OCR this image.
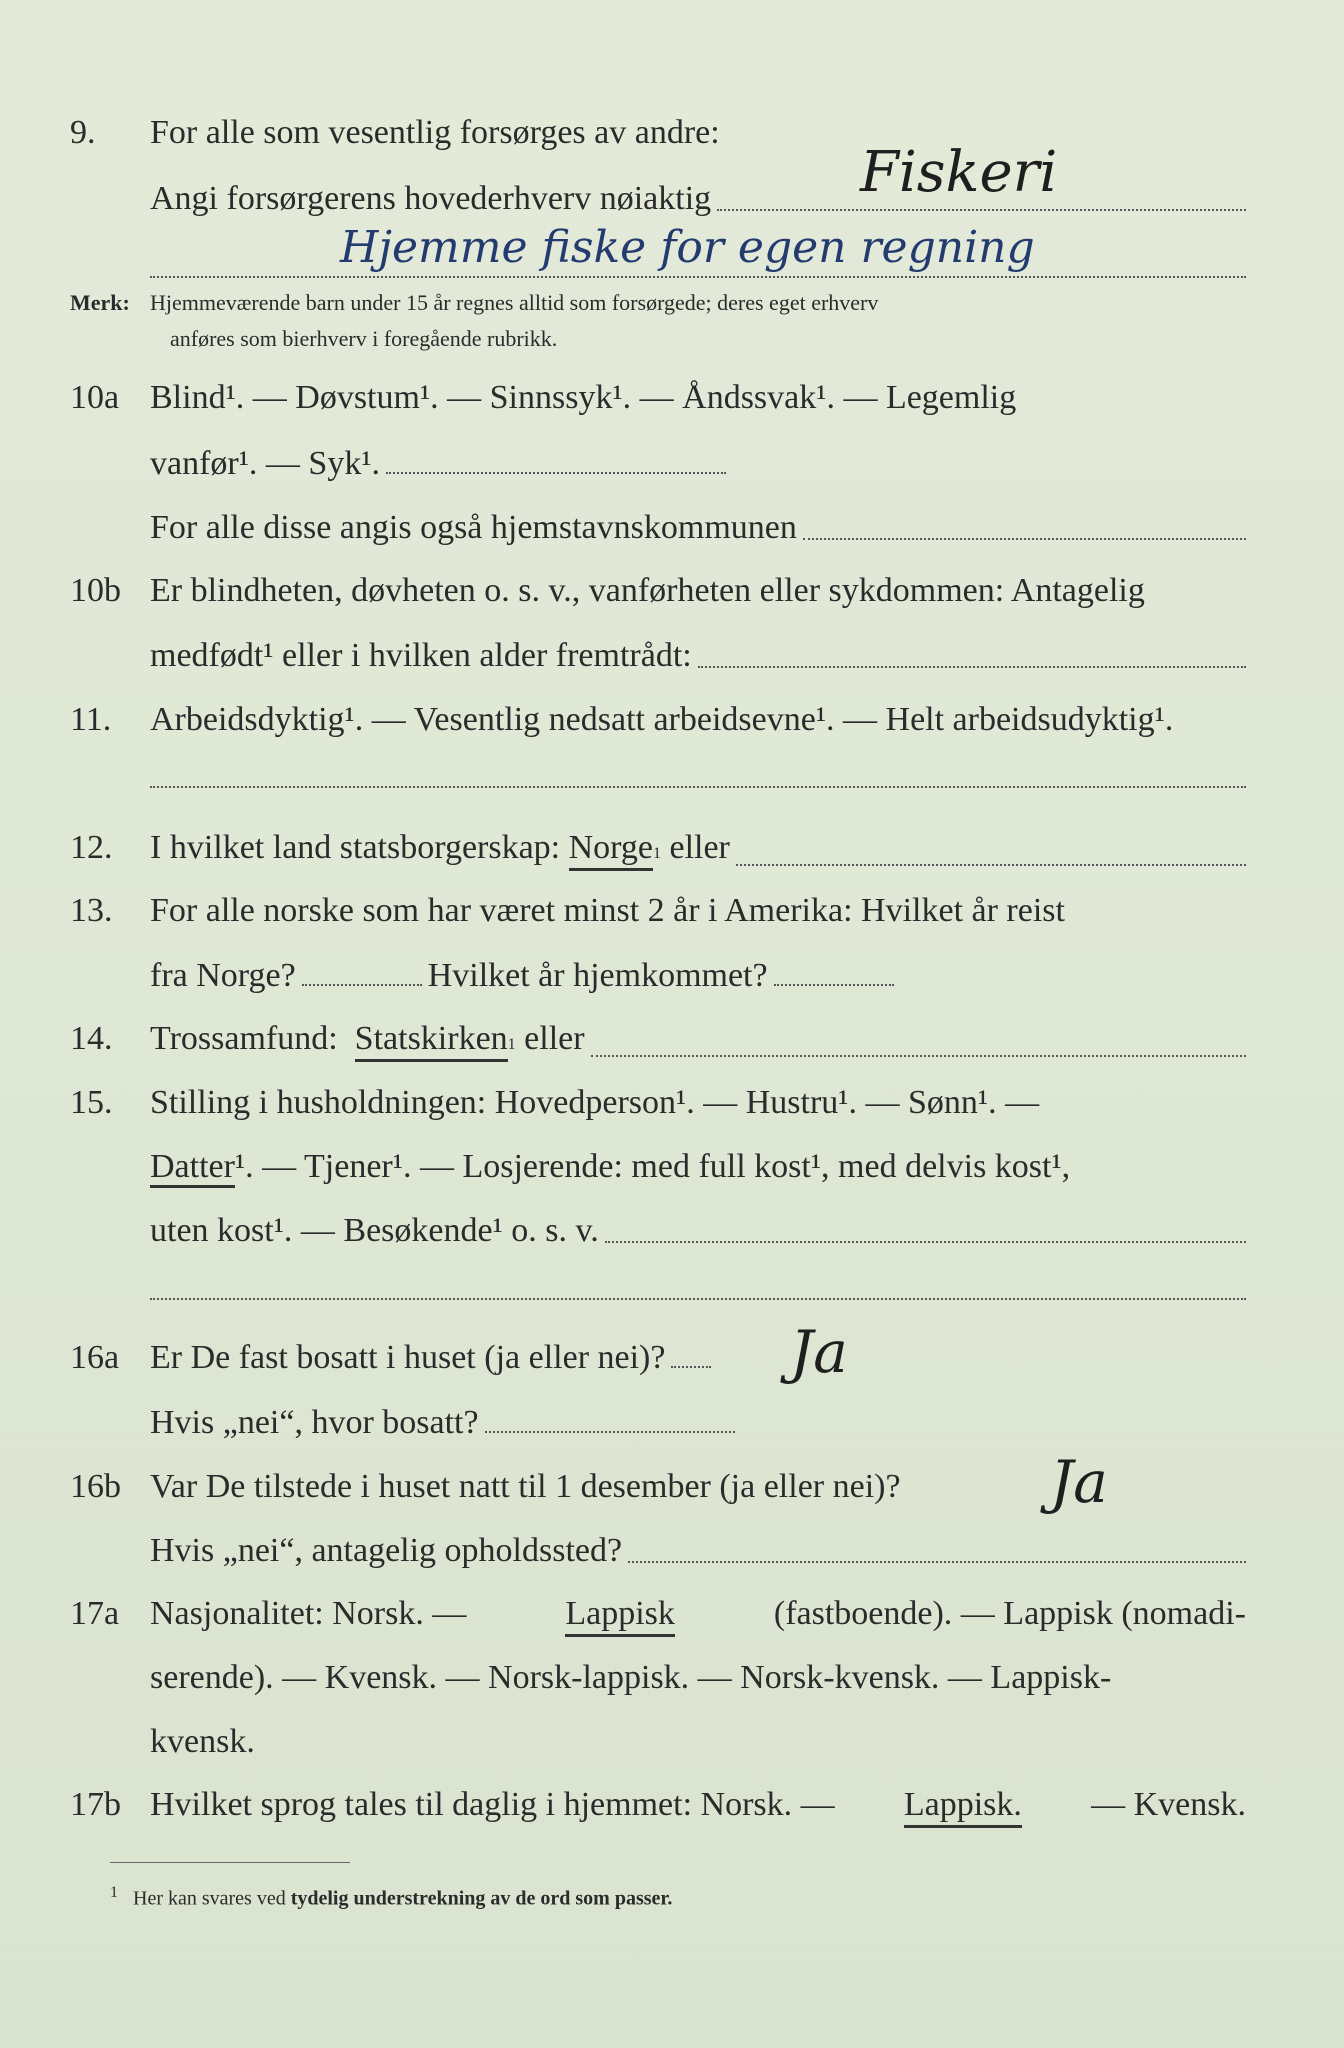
9.	For alle som vesentlig forsørges av andre:
Angi forsørgerens hovederhverv nøiaktig	Fiskeri
Hjemme fiske for egen regning
Merk: Hjemmeværende barn under 15 år regnes alltid som forsørgede; deres eget erhverv
anføres som bierhverv i foregående rubrikk.
10a Blind¹. — Døvstum¹. — Sinnssyk¹. — Åndssvak¹. — Legemlig
vanfør¹. — Syk¹.
For alle disse angis også hjemstavnskommunen
10b Er blindheten, døvheten o. s. v., vanførheten eller sykdommen: Antagelig
medfødt¹ eller i hvilken alder fremtrådt:
11.	Arbeidsdyktig¹. — Vesentlig nedsatt arbeidsevne¹. — Helt arbeidsudyktig¹.
12.	I hvilket land statsborgerskap:
Norge 1
eller
13.	For alle norske som har været minst 2 år i Amerika: Hvilket år reist
fra Norge?	Hvilket år hjemkommet?
14.	Trossamfund:
Statskirken 1
eller
15.	Stilling i husholdningen: Hovedperson¹. — Hustru¹. — Sønn¹. —
Datter¹. — Tjener¹. — Losjerende: med full kost¹, med delvis kost¹,
uten kost¹. — Besøkende¹ o. s. v.
16a Er De fast bosatt i huset (ja eller nei)? Ja
Hvis „nei“, hvor bosatt?
16b Var De tilstede i huset natt til 1 desember (ja eller nei)?	Ja
Hvis „nei“, antagelig opholdssted?
17a Nasjonalitet: Norsk. —	Lappisk	(fastboende). — Lappisk (nomadi-
serende). — Kvensk. — Norsk-lappisk. — Norsk-kvensk. — Lappisk-
kvensk.
17b Hvilket sprog tales til daglig i hjemmet: Norsk. — Lappisk. — Kvensk.
$^1$ Her kan svares ved tydelig understrekning av de ord som passer.
